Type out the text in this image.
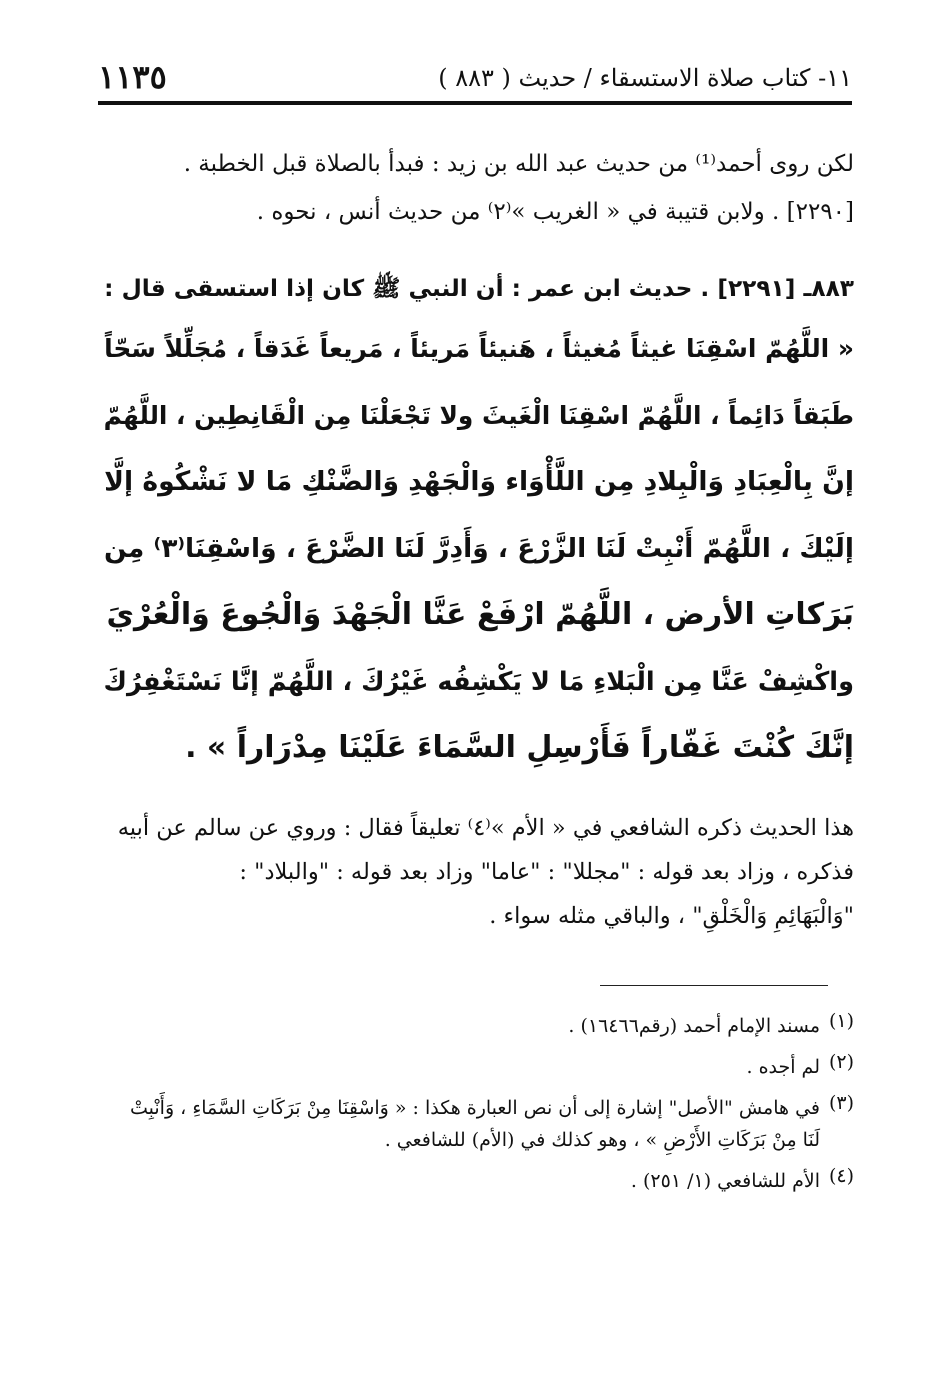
١١٣٥	١١- كتاب صلاة الاستسقاء / حديث ( ٨٨٣ )
لكن روى أحمد⁽¹⁾ من حديث عبد الله بن زيد : فبدأ بالصلاة قبل الخطبة .
[٢٢٩٠] . ولابن قتيبة في « الغريب »⁽٢⁾ من حديث أنس ، نحوه .
٨٨٣ـ [٢٢٩١] . حديث ابن عمر : أن النبي ﷺ كان إذا استسقى قال :
« اللَّهُمّ اسْقِنَا غيثاً مُغيثاً ، هَنيئاً مَريئاً ، مَريعاً غَدَقاً ، مُجَلِّلاً سَحّاً
طَبَقاً دَائِماً ، اللَّهُمّ اسْقِنَا الْغَيثَ ولا تَجْعَلْنَا مِن الْقَانِطِين ، اللَّهُمّ
إنَّ بِالْعِبَادِ وَالْبِلادِ مِن اللَّأْوَاء وَالْجَهْدِ وَالضَّنْكِ مَا لا نَشْكُوهُ إلَّا
إلَيْكَ ، اللَّهُمّ أَنْبِتْ لَنَا الزَّرْعَ ، وَأَدِرَّ لَنَا الضَّرْعَ ، وَاسْقِنَا⁽٣⁾ مِن
بَرَكاتِ الأرض ، اللَّهُمّ ارْفَعْ عَنَّا الْجَهْدَ وَالْجُوعَ وَالْعُرْيَ
واكْشِفْ عَنَّا مِن الْبَلاءِ مَا لا يَكْشِفُه غَيْرُكَ ، اللَّهُمّ إنَّا نَسْتَغْفِرُكَ
إنَّكَ كُنْتَ غَفّاراً فَأَرْسِلِ السَّمَاءَ عَلَيْنَا مِدْرَاراً » .
هذا الحديث ذكره الشافعي في « الأم »⁽٤⁾ تعليقاً فقال : وروي عن سالم عن أبيه
فذكره ، وزاد بعد قوله : "مجللا" : "عاما" وزاد بعد قوله : "والبلاد" :
"وَالْبَهَائِمِ وَالْخَلْقِ" ، والباقي مثله سواء .
(١)
مسند الإمام أحمد (رقم١٦٤٦٦) .
(٢)
لم أجده .
(٣)
في هامش "الأصل" إشارة إلى أن نص العبارة هكذا : « وَاسْقِنَا مِنْ بَرَكَاتِ السَّمَاءِ ، وَأَنْبِتْ
لَنَا مِنْ بَرَكَاتِ الأَرْضِ » ، وهو كذلك في (الأم) للشافعي .
(٤)
الأم للشافعي (١/ ٢٥١) .
